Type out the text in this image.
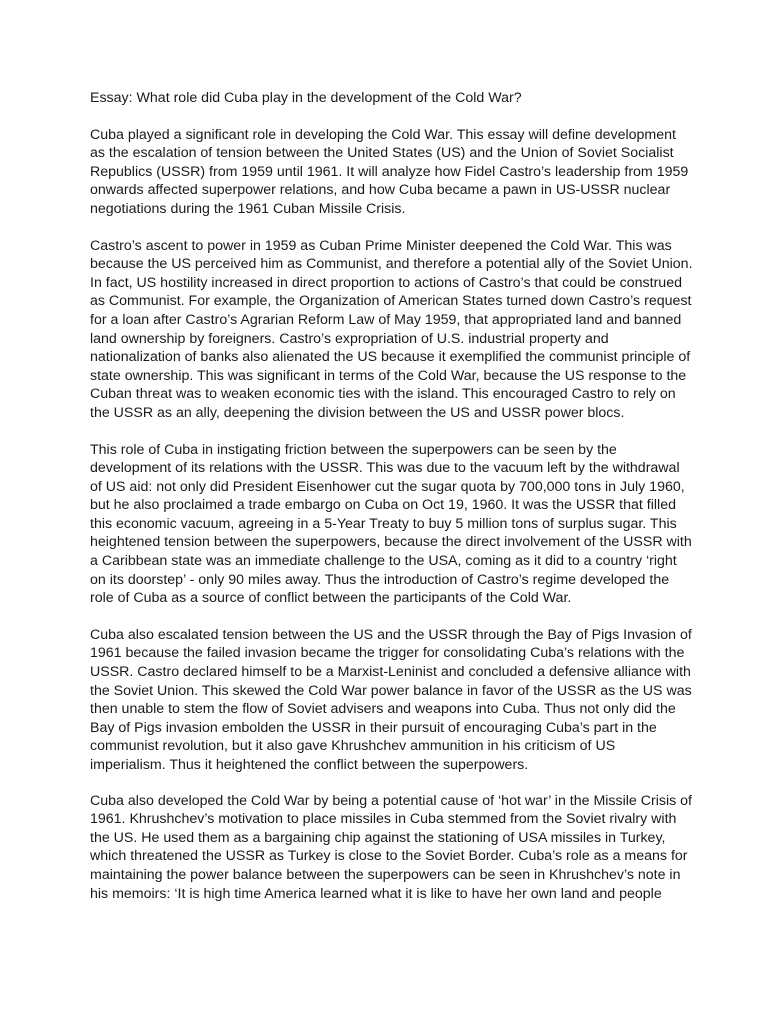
Essay: What role did Cuba play in the development of the Cold War?
Cuba played a significant role in developing the Cold War. This essay will define development
as the escalation of tension between the United States (US) and the Union of Soviet Socialist
Republics (USSR) from 1959 until 1961. It will analyze how Fidel Castro’s leadership from 1959
onwards affected superpower relations, and how Cuba became a pawn in US-USSR nuclear
negotiations during the 1961 Cuban Missile Crisis.
Castro’s ascent to power in 1959 as Cuban Prime Minister deepened the Cold War. This was
because the US perceived him as Communist, and therefore a potential ally of the Soviet Union.
In fact, US hostility increased in direct proportion to actions of Castro’s that could be construed
as Communist. For example, the Organization of American States turned down Castro’s request
for a loan after Castro’s Agrarian Reform Law of May 1959, that appropriated land and banned
land ownership by foreigners. Castro’s expropriation of U.S. industrial property and
nationalization of banks also alienated the US because it exemplified the communist principle of
state ownership. This was significant in terms of the Cold War, because the US response to the
Cuban threat was to weaken economic ties with the island. This encouraged Castro to rely on
the USSR as an ally, deepening the division between the US and USSR power blocs.
This role of Cuba in instigating friction between the superpowers can be seen by the
development of its relations with the USSR. This was due to the vacuum left by the withdrawal
of US aid: not only did President Eisenhower cut the sugar quota by 700,000 tons in July 1960,
but he also proclaimed a trade embargo on Cuba on Oct 19, 1960. It was the USSR that filled
this economic vacuum, agreeing in a 5-Year Treaty to buy 5 million tons of surplus sugar. This
heightened tension between the superpowers, because the direct involvement of the USSR with
a Caribbean state was an immediate challenge to the USA, coming as it did to a country ‘right
on its doorstep’ - only 90 miles away. Thus the introduction of Castro’s regime developed the
role of Cuba as a source of conflict between the participants of the Cold War.
Cuba also escalated tension between the US and the USSR through the Bay of Pigs Invasion of
1961 because the failed invasion became the trigger for consolidating Cuba’s relations with the
USSR. Castro declared himself to be a Marxist-Leninist and concluded a defensive alliance with
the Soviet Union. This skewed the Cold War power balance in favor of the USSR as the US was
then unable to stem the flow of Soviet advisers and weapons into Cuba. Thus not only did the
Bay of Pigs invasion embolden the USSR in their pursuit of encouraging Cuba’s part in the
communist revolution, but it also gave Khrushchev ammunition in his criticism of US
imperialism. Thus it heightened the conflict between the superpowers.
Cuba also developed the Cold War by being a potential cause of ‘hot war’ in the Missile Crisis of
1961. Khrushchev’s motivation to place missiles in Cuba stemmed from the Soviet rivalry with
the US. He used them as a bargaining chip against the stationing of USA missiles in Turkey,
which threatened the USSR as Turkey is close to the Soviet Border. Cuba’s role as a means for
maintaining the power balance between the superpowers can be seen in Khrushchev’s note in
his memoirs: ‘It is high time America learned what it is like to have her own land and people
